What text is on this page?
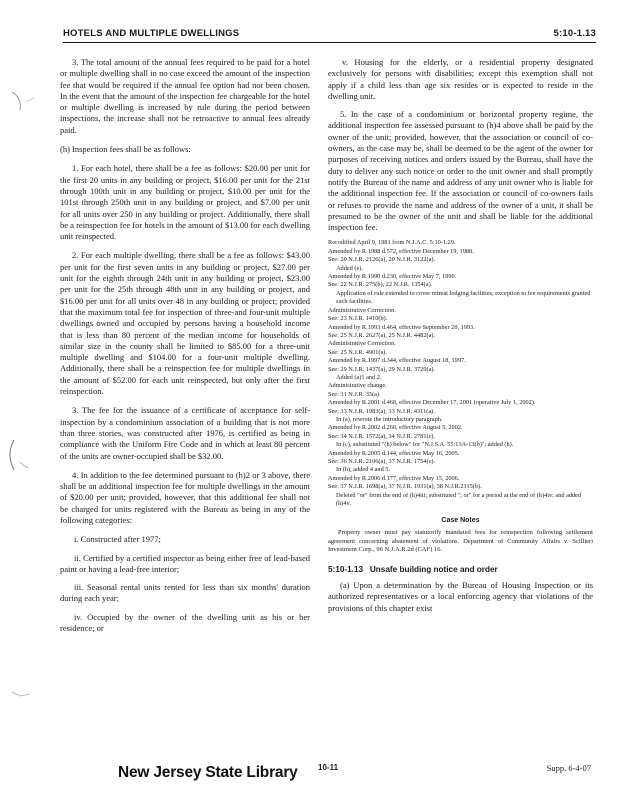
HOTELS AND MULTIPLE DWELLINGS	5:10-1.13

3. The total amount of the annual fees required to be paid for a hotel or multiple dwelling shall in no case exceed the amount of the inspection fee that would be required if the annual fee option had not been chosen. In the event that the amount of the inspection fee chargeable for the hotel or multiple dwelling is increased by rule during the period between inspections, the increase shall not be retroactive to annual fees already paid.

(h) Inspection fees shall be as follows:

1. For each hotel, there shall be a fee as follows: $20.00 per unit for the first 20 units in any building or project, $16.00 per unit for the 21st through 100th unit in any building or project, $10.00 per unit for the 101st through 250th unit in any building or project, and $7.00 per unit for all units over 250 in any building or project. Additionally, there shall be a reinspection fee for hotels in the amount of $13.00 for each dwelling unit reinspected.

2. For each multiple dwelling, there shall be a fee as follows: $43.00 per unit for the first seven units in any building or project, $27.00 per unit for the eighth through 24th unit in any building or project, $23.00 per unit for the 25th through 48th unit in any building or project, and $16.00 per unit for all units over 48 in any building or project; provided that the maximum total fee for inspection of three-and four-unit multiple dwellings owned and occupied by persons having a household income that is less than 80 percent of the median income for households of similar size in the county shall be limited to $85.00 for a three-unit multiple dwelling and $104.00 for a four-unit multiple dwelling. Additionally, there shall be a reinspection fee for multiple dwellings in the amount of $52.00 for each unit reinspected, but only after the first reinspection.

3. The fee for the issuance of a certificate of acceptance for self-inspection by a condominium association of a building that is not more than three stories, was constructed after 1976, is certified as being in compliance with the Uniform Fire Code and in which at least 80 percent of the units are owner-occupied shall be $32.00.

4. In addition to the fee determined pursuant to (h)2 or 3 above, there shall be an additional inspection fee for multiple dwellings in the amount of $20.00 per unit; provided, however, that this additional fee shall not be charged for units registered with the Bureau as being in any of the following categories:

i. Constructed after 1977;

ii. Certified by a certified inspector as being either free of lead-based paint or having a lead-free interior;

iii. Seasonal rental units rented for less than six months' duration during each year;

iv. Occupied by the owner of the dwelling unit as his or her residence; or

v. Housing for the elderly, or a residential property designated exclusively for persons with disabilities; except this exemption shall not apply if a child less than age six resides or is expected to reside in the dwelling unit.

5. In the case of a condominium or horizontal property regime, the additional inspection fee assessed pursuant to (h)4 above shall be paid by the owner of the unit; provided, however, that the association or council of co-owners, as the case may be, shall be deemed to be the agent of the owner for purposes of receiving notices and orders issued by the Bureau, shall have the duty to deliver any such notice or order to the unit owner and shall promptly notify the Bureau of the name and address of any unit owner who is liable for the additional inspection fee. If the association or council of co-owners fails or refuses to provide the name and address of the owner of a unit, it shall be presumed to be the owner of the unit and shall be liable for the additional inspection fee.

Recodified April 9, 1981 from N.J.A.C. 5:10-1.29.

Amended by R.1988 d.572, effective December 19, 1988.

See: 20 N.J.R. 2126(a), 20 N.J.R. 3122(a).

Added (e).

Amended by R.1990 d.230, effective May 7, 1990.

See: 22 N.J.R. 275(b), 22 N.J.R. 1354(a).

Application of rule extended to cover retreat lodging facilities; exception to fee requirements granted such facilities.

Administrative Correction.

See: 23 N.J.R. 1410(b).

Amended by R.1993 d.464, effective September 20, 1993.

See: 25 N.J.R. 2627(a), 25 N.J.R. 4482(a).

Administrative Correction.

See: 25 N.J.R. 4901(a).

Amended by R.1997 d.344, effective August 18, 1997.

See: 29 N.J.R. 1437(a), 29 N.J.R. 3720(a).

Added (a)1 and 2.

Administrative change.

See: 31 N.J.R. 35(a).

Amended by R.2001 d.468, effective December 17, 2001 (operative July 1, 2002).

See: 33 N.J.R. 1983(a), 33 N.J.R. 4311(a).

In (a), rewrote the introductory paragraph.

Amended by R.2002 d.260, effective August 5, 2002.

See: 34 N.J.R. 1572(a), 34 N.J.R. 2781(c).

In (c), substituted "(h) below" for "N.J.S.A. 55:13A-13(b)"; added (h).

Amended by R.2005 d.144, effective May 16, 2005.

See: 36 N.J.R. 2106(a), 37 N.J.R. 1754(c).

In (h), added 4 and 5.

Amended by R.2006 d.177, effective May 15, 2006.

See: 37 N.J.R. 1698(a), 37 N.J.R. 1931(a), 38 N.J.R.2115(b).

Deleted "or" from the end of (h)4iii; substituted "; or" for a period at the end of (h)4iv; and added (h)4v.

Case Notes

Property owner must pay statutorily mandated fees for reinspection following settlement agreement concerning abatement of violations. Department of Community Affairs v. Scillieri Investment Corp., 96 N.J.A.R.2d (CAF) 16.

5:10-1.13   Unsafe building notice and order

(a) Upon a determination by the Bureau of Housing Inspection or its authorized representatives or a local enforcing agency that violations of the provisions of this chapter exist

New Jersey State Library	10-11	Supp. 6-4-07
